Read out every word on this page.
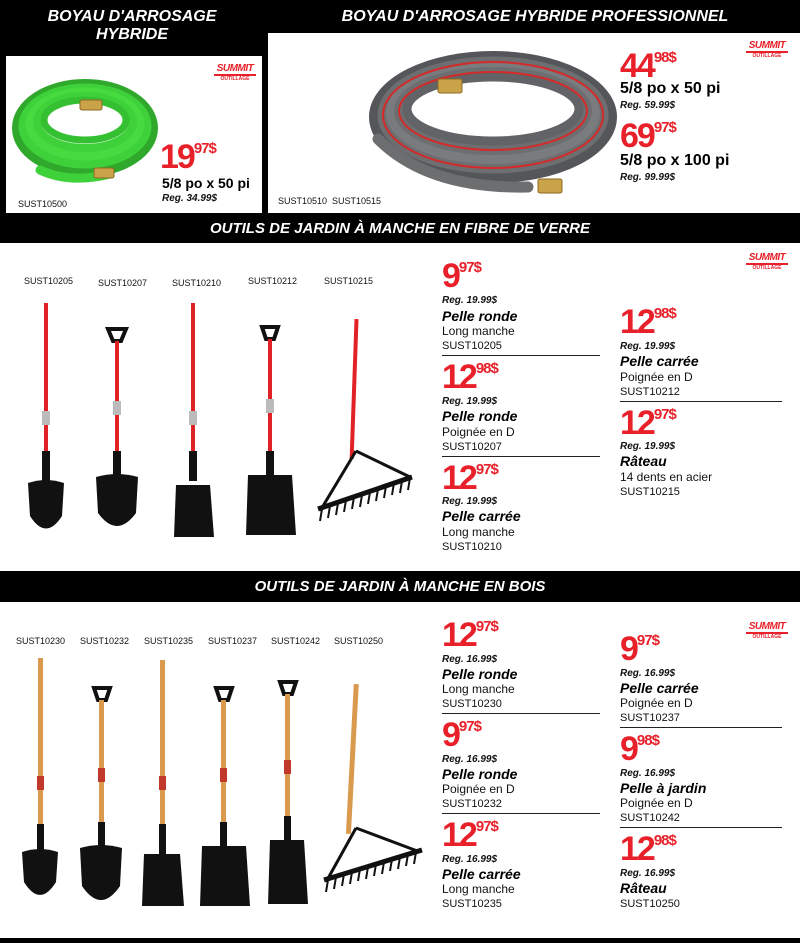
BOYAU D'ARROSAGE HYBRIDE
BOYAU D'ARROSAGE HYBRIDE PROFESSIONNEL
SUMMIT
OUTILLAGE
1997$
5/8 po x 50 pi
Reg. 34.99$
SUST10500
SUMMIT
OUTILLAGE
4498$
5/8 po x 50 pi
Reg. 59.99$
6997$
5/8 po x 100 pi
Reg. 99.99$
SUST10510  SUST10515
OUTILS DE JARDIN À MANCHE EN FIBRE DE VERRE
SUST10205	SUST10207	SUST10210	SUST10212	SUST10215
SUMMIT
OUTILLAGE
997$
Reg. 19.99$
Pelle ronde
Long manche
SUST10205
1298$
Reg. 19.99$
Pelle ronde
Poignée en D
SUST10207
1297$
Reg. 19.99$
Pelle carrée
Long manche
SUST10210
1298$
Reg. 19.99$
Pelle carrée
Poignée en D
SUST10212
1297$
Reg. 19.99$
Râteau
14 dents en acier
SUST10215
OUTILS DE JARDIN À MANCHE EN BOIS
SUST10230 SUST10232 SUST10235 SUST10237 SUST10242 SUST10250
SUMMIT
OUTILLAGE
1297$
Reg. 16.99$
Pelle ronde
Long manche
SUST10230
997$
Reg. 16.99$
Pelle ronde
Poignée en D
SUST10232
1297$
Reg. 16.99$
Pelle carrée
Long manche
SUST10235
997$
Reg. 16.99$
Pelle carrée
Poignée en D
SUST10237
998$
Reg. 16.99$
Pelle à jardin
Poignée en D
SUST10242
1298$
Reg. 16.99$
Râteau
SUST10250
